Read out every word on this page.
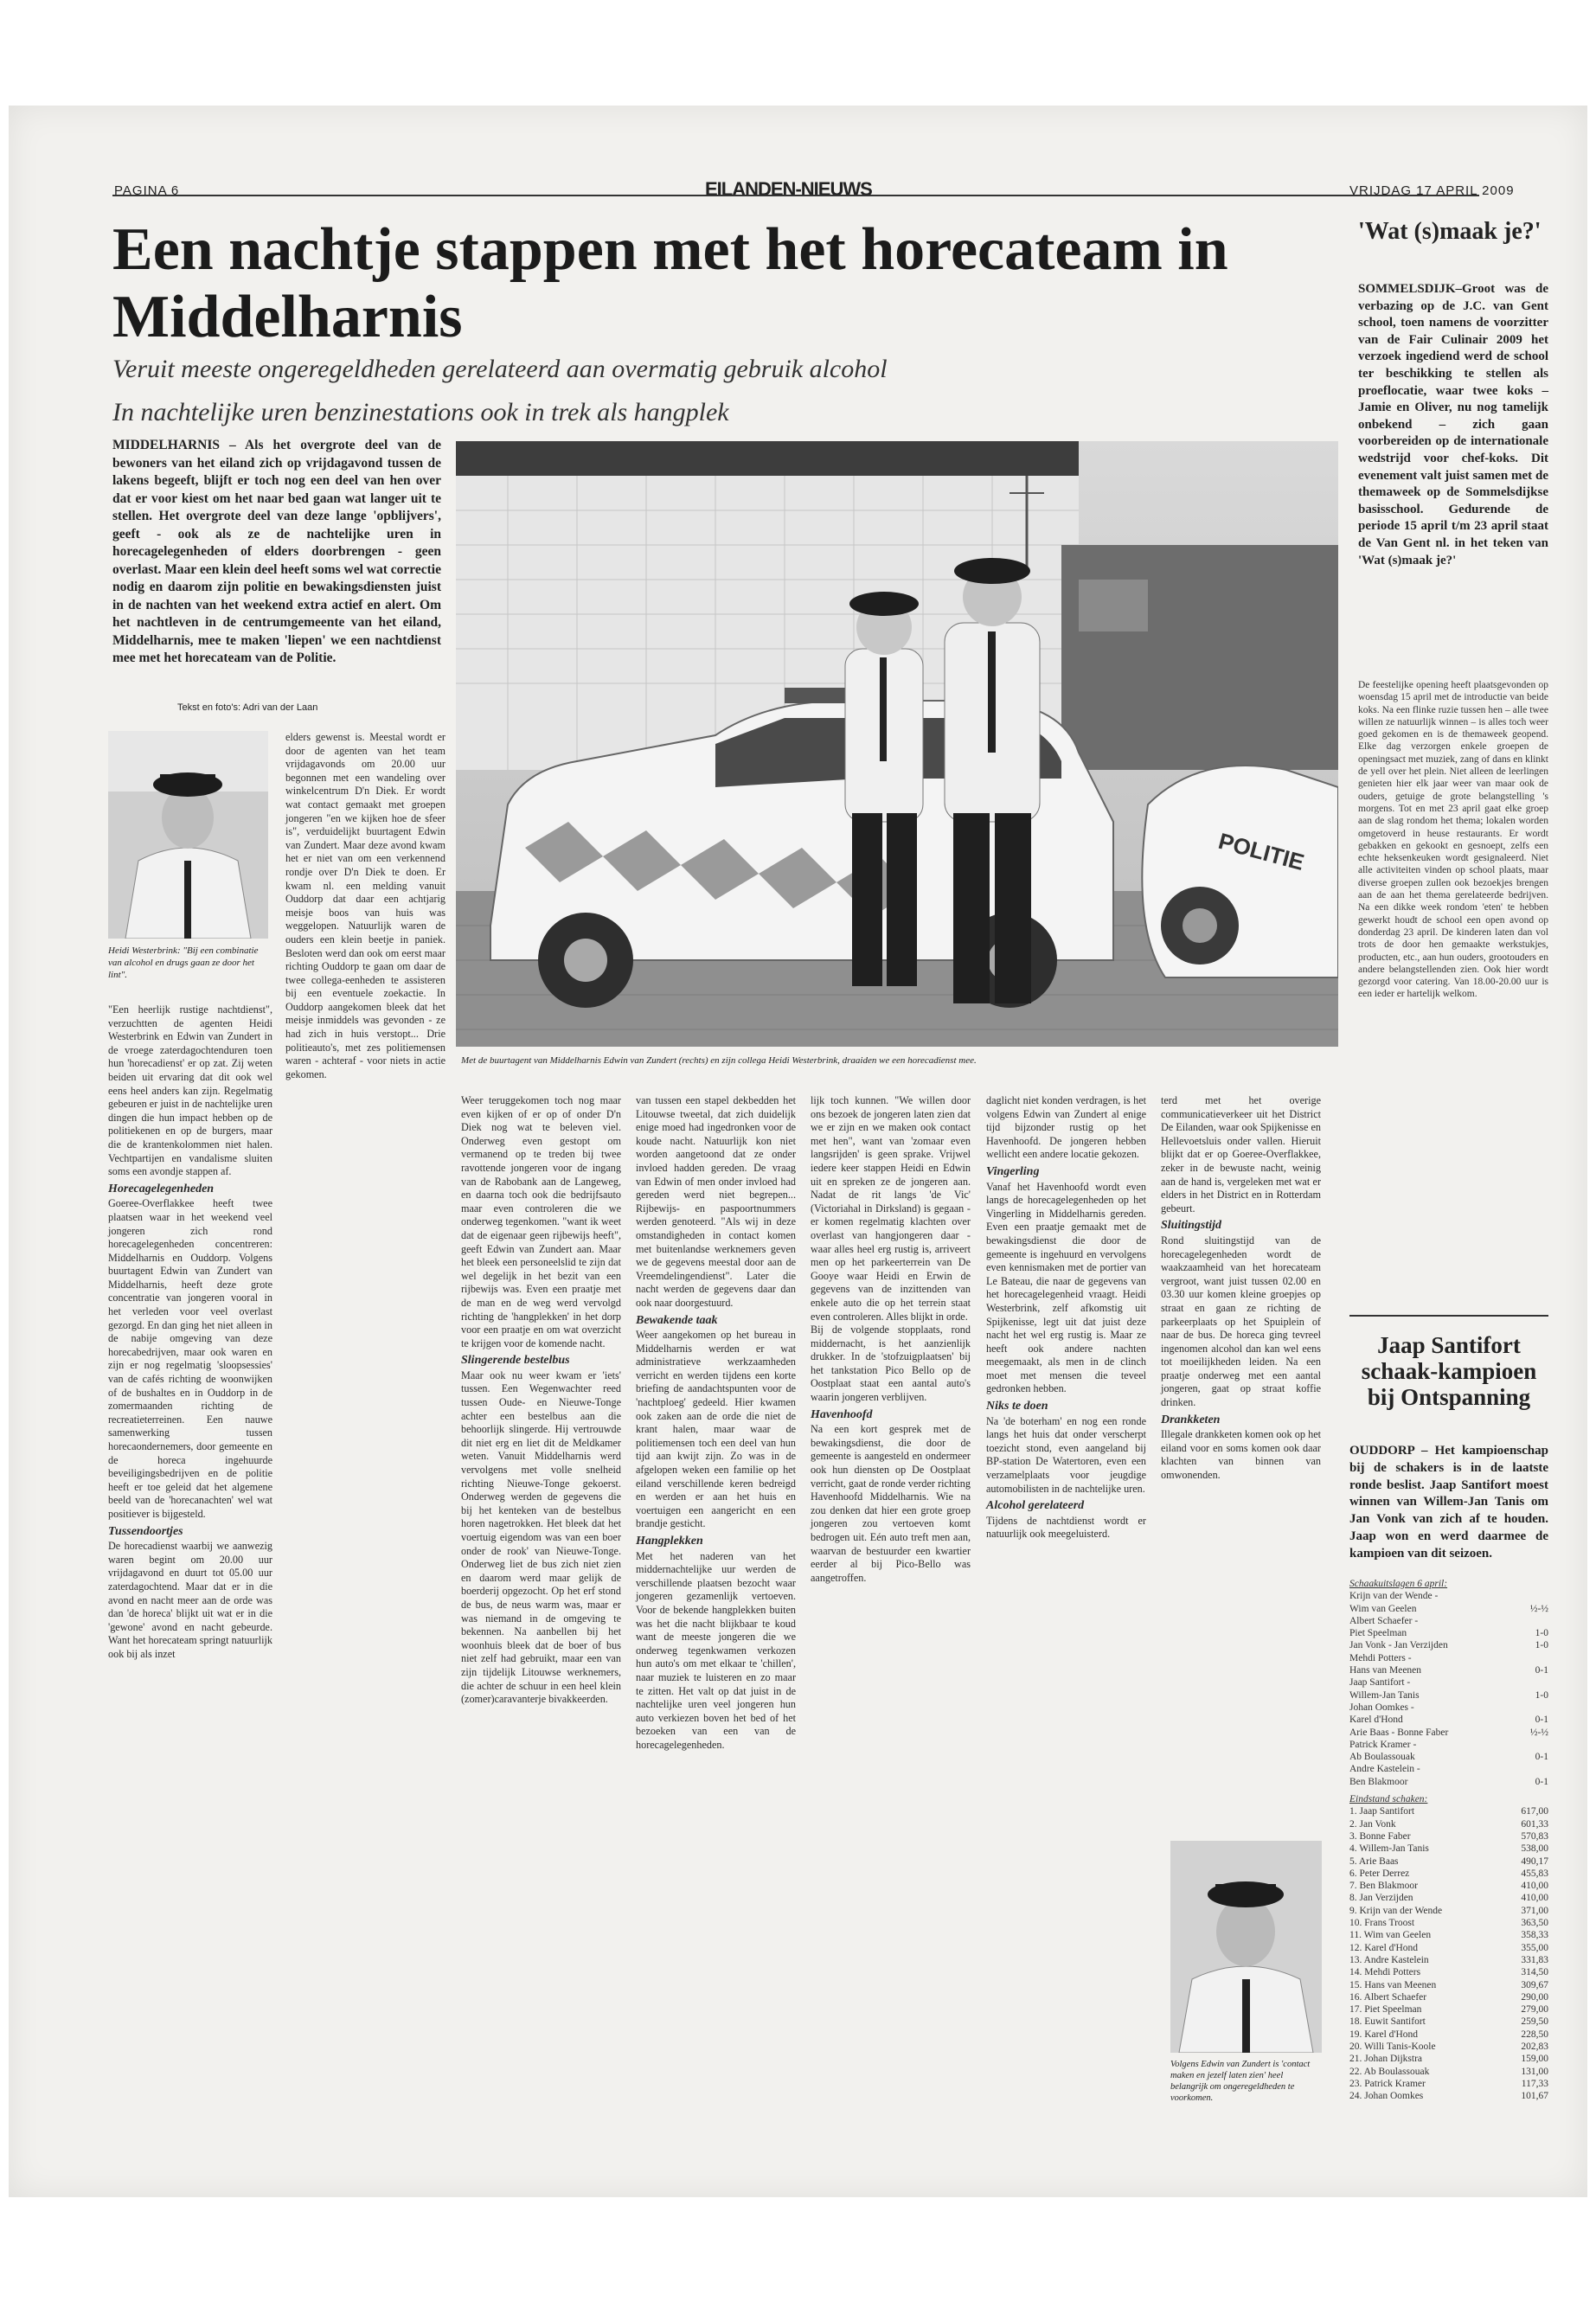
PAGINA 6	EILANDEN-NIEUWS	VRIJDAG 17 APRIL 2009
Een nachtje stappen met het horecateam in Middelharnis
Veruit meeste ongeregeldheden gerelateerd aan overmatig gebruik alcohol
In nachtelijke uren benzinestations ook in trek als hangplek
MIDDELHARNIS – Als het overgrote deel van de bewoners van het eiland zich op vrijdagavond tussen de lakens begeeft, blijft er toch nog een deel van hen over dat er voor kiest om het naar bed gaan wat langer uit te stellen. Het overgrote deel van deze lange 'opblijvers', geeft - ook als ze de nachtelijke uren in horecagelegenheden of elders doorbrengen - geen overlast. Maar een klein deel heeft soms wel wat correctie nodig en daarom zijn politie en bewakingsdiensten juist in de nachten van het weekend extra actief en alert. Om het nachtleven in de centrumgemeente van het eiland, Middelharnis, mee te maken 'liepen' we een nachtdienst mee met het horecateam van de Politie.
Tekst en foto's: Adri van der Laan
POLITIE
Met de buurtagent van Middelharnis Edwin van Zundert (rechts) en zijn collega Heidi Westerbrink, draaiden we een horecadienst mee.
Heidi Westerbrink: "Bij een combinatie van alcohol en drugs gaan ze door het lint".

elders gewenst is. Meestal wordt er door de agenten van het team vrijdagavonds om 20.00 uur begonnen met een wandeling over winkelcentrum D'n Diek. Er wordt wat contact gemaakt met groepen jongeren "en we kijken hoe de sfeer is", verduidelijkt buurtagent Edwin van Zundert. Maar deze avond kwam het er niet van om een verkennend rondje over D'n Diek te doen. Er kwam nl. een melding vanuit Ouddorp dat daar een achtjarig meisje boos van huis was weggelopen. Natuurlijk waren de ouders een klein beetje in paniek. Besloten werd dan ook om eerst maar richting Ouddorp te gaan om daar de twee collega-eenheden te assisteren bij een eventuele zoekactie. In Ouddorp aangekomen bleek dat het meisje inmiddels was gevonden - ze had zich in huis verstopt... Drie politieauto's, met zes politiemensen waren - achteraf - voor niets in actie gekomen.

"Een heerlijk rustige nachtdienst", verzuchtten de agenten Heidi Westerbrink en Edwin van Zundert in de vroege zaterdagochtenduren toen hun 'horecadienst' er op zat. Zij weten beiden uit ervaring dat dit ook wel eens heel anders kan zijn. Regelmatig gebeuren er juist in de nachtelijke uren dingen die hun impact hebben op de politiekenen en op de burgers, maar die de krantenkolommen niet halen. Vechtpartijen en vandalisme sluiten soms een avondje stappen af.

Horecagelegenheden

Goeree-Overflakkee heeft twee plaatsen waar in het weekend veel jongeren zich rond horecagelegenheden concentreren: Middelharnis en Ouddorp. Volgens buurtagent Edwin van Zundert van Middelharnis, heeft deze grote concentratie van jongeren vooral in het verleden voor veel overlast gezorgd. En dan ging het niet alleen in de nabije omgeving van deze horecabedrijven, maar ook waren en zijn er nog regelmatig 'sloopsessies' van de cafés richting de woonwijken of de bushaltes en in Ouddorp in de zomermaanden richting de recreatieterreinen. Een nauwe samenwerking tussen horecaondernemers, door gemeente en de horeca ingehuurde beveiligingsbedrijven en de politie heeft er toe geleid dat het algemene beeld van de 'horecanachten' wel wat positiever is bijgesteld.

Tussendoortjes

De horecadienst waarbij we aanwezig waren begint om 20.00 uur vrijdagavond en duurt tot 05.00 uur zaterdagochtend. Maar dat er in die avond en nacht meer aan de orde was dan 'de horeca' blijkt uit wat er in die 'gewone' avond en nacht gebeurde. Want het horecateam springt natuurlijk ook bij als inzet

Weer teruggekomen toch nog maar even kijken of er op of onder D'n Diek nog wat te beleven viel. Onderweg even gestopt om vermanend op te treden bij twee ravottende jongeren voor de ingang van de Rabobank aan de Langeweg, en daarna toch ook die bedrijfsauto maar even controleren die we onderweg tegenkomen. "want ik weet dat de eigenaar geen rijbewijs heeft", geeft Edwin van Zundert aan. Maar het bleek een personeelslid te zijn dat wel degelijk in het bezit van een rijbewijs was. Even een praatje met de man en de weg werd vervolgd richting de 'hangplekken' in het dorp voor een praatje en om wat overzicht te krijgen voor de komende nacht.

Slingerende bestelbus

Maar ook nu weer kwam er 'iets' tussen. Een Wegenwachter reed tussen Oude- en Nieuwe-Tonge achter een bestelbus aan die behoorlijk slingerde. Hij vertrouwde dit niet erg en liet dit de Meldkamer weten. Vanuit Middelharnis werd vervolgens met volle snelheid richting Nieuwe-Tonge gekoerst. Onderweg werden de gegevens die bij het kenteken van de bestelbus horen nagetrokken. Het bleek dat het voertuig eigendom was van een boer onder de rook' van Nieuwe-Tonge. Onderweg liet de bus zich niet zien en daarom werd maar gelijk de boerderij opgezocht. Op het erf stond de bus, de neus warm was, maar er was niemand in de omgeving te bekennen. Na aanbellen bij het woonhuis bleek dat de boer of bus niet zelf had gebruikt, maar een van zijn tijdelijk Litouwse werknemers, die achter de schuur in een heel klein (zomer)caravanterje bivakkeerden.

van tussen een stapel dekbedden het Litouwse tweetal, dat zich duidelijk enige moed had ingedronken voor de koude nacht. Natuurlijk kon niet worden aangetoond dat ze onder invloed hadden gereden. De vraag van Edwin of men onder invloed had gereden werd niet begrepen... Rijbewijs- en paspoortnummers werden genoteerd. "Als wij in deze omstandigheden in contact komen met buitenlandse werknemers geven we de gegevens meestal door aan de Vreemdelingendienst". Later die nacht werden de gegevens daar dan ook naar doorgestuurd.

Bewakende taak

Weer aangekomen op het bureau in Middelharnis werden er wat administratieve werkzaamheden verricht en werden tijdens een korte briefing de aandachtspunten voor de 'nachtploeg' gedeeld. Hier kwamen ook zaken aan de orde die niet de krant halen, maar waar de politiemensen toch een deel van hun tijd aan kwijt zijn. Zo was in de afgelopen weken een familie op het eiland verschillende keren bedreigd en werden er aan het huis en voertuigen een aangericht en een brandje gesticht.

Hangplekken

Met het naderen van het middernachtelijke uur werden de verschillende plaatsen bezocht waar jongeren gezamenlijk vertoeven. Voor de bekende hangplekken buiten was het die nacht blijkbaar te koud want de meeste jongeren die we onderweg tegenkwamen verkozen hun auto's om met elkaar te 'chillen', naar muziek te luisteren en zo maar te zitten. Het valt op dat juist in de nachtelijke uren veel jongeren hun auto verkiezen boven het bed of het bezoeken van een van de horecagelegenheden.

lijk toch kunnen. "We willen door ons bezoek de jongeren laten zien dat we er zijn en we maken ook contact met hen", want van 'zomaar even langsrijden' is geen sprake. Vrijwel iedere keer stappen Heidi en Edwin uit en spreken ze de jongeren aan. Nadat de rit langs 'de Vic' (Victoriahal in Dirksland) is gegaan - er komen regelmatig klachten over overlast van hangjongeren daar - waar alles heel erg rustig is, arriveert men op het parkeerterrein van De Gooye waar Heidi en Erwin de gegevens van de inzittenden van enkele auto die op het terrein staat even controleren. Alles blijkt in orde.

Bij de volgende stopplaats, rond middernacht, is het aanzienlijk drukker. In de 'stofzuigplaatsen' bij het tankstation Pico Bello op de Oostplaat staat een aantal auto's waarin jongeren verblijven.

Havenhoofd

Na een kort gesprek met de bewakingsdienst, die door de gemeente is aangesteld en ondermeer ook hun diensten op De Oostplaat verricht, gaat de ronde verder richting Havenhoofd Middelharnis. Wie na zou denken dat hier een grote groep jongeren zou vertoeven komt bedrogen uit. Eén auto treft men aan, waarvan de bestuurder een kwartier eerder al bij Pico-Bello was aangetroffen.

daglicht niet konden verdragen, is het volgens Edwin van Zundert al enige tijd bijzonder rustig op het Havenhoofd. De jongeren hebben wellicht een andere locatie gekozen.

Vingerling

Vanaf het Havenhoofd wordt even langs de horecagelegenheden op het Vingerling in Middelharnis gereden. Even een praatje gemaakt met de bewakingsdienst die door de gemeente is ingehuurd en vervolgens even kennismaken met de portier van Le Bateau, die naar de gegevens van het horecagelegenheid vraagt. Heidi Westerbrink, zelf afkomstig uit Spijkenisse, legt uit dat juist deze nacht het wel erg rustig is. Maar ze heeft ook andere nachten meegemaakt, als men in de clinch moet met mensen die teveel gedronken hebben.

Niks te doen

Na 'de boterham' en nog een ronde langs het huis dat onder verscherpt toezicht stond, even aangeland bij BP-station De Watertoren, even een verzamelplaats voor jeugdige automobilisten in de nachtelijke uren.

Alcohol gerelateerd

Tijdens de nachtdienst wordt er natuurlijk ook meegeluisterd.

terd met het overige communicatieverkeer uit het District De Eilanden, waar ook Spijkenisse en Hellevoetsluis onder vallen. Hieruit blijkt dat er op Goeree-Overflakkee, zeker in de bewuste nacht, weinig aan de hand is, vergeleken met wat er elders in het District en in Rotterdam gebeurt.

Sluitingstijd

Rond sluitingstijd van de horecagelegenheden wordt de waakzaamheid van het horecateam vergroot, want juist tussen 02.00 en 03.30 uur komen kleine groepjes op straat en gaan ze richting de parkeerplaats op het Spuiplein of naar de bus. De horeca ging tevreel ingenomen alcohol dan kan wel eens tot moeilijkheden leiden. Na een praatje onderweg met een aantal jongeren, gaat op straat koffie drinken.

Drankketen

Illegale drankketen komen ook op het eiland voor en soms komen ook daar klachten van binnen van omwonenden.

Volgens Edwin van Zundert is 'contact maken en jezelf laten zien' heel belangrijk om ongeregeldheden te voorkomen.
'Wat (s)maak je?'
SOMMELSDIJK–Groot was de verbazing op de J.C. van Gent school, toen namens de voorzitter van de Fair Culinair 2009 het verzoek ingediend werd de school ter beschikking te stellen als proeflocatie, waar twee koks – Jamie en Oliver, nu nog tamelijk onbekend – zich gaan voorbereiden op de internationale wedstrijd voor chef-koks. Dit evenement valt juist samen met de themaweek op de Sommelsdijkse basisschool. Gedurende de periode 15 april t/m 23 april staat de Van Gent nl. in het teken van 'Wat (s)maak je?'
De feestelijke opening heeft plaatsgevonden op woensdag 15 april met de introductie van beide koks. Na een flinke ruzie tussen hen – alle twee willen ze natuurlijk winnen – is alles toch weer goed gekomen en is de themaweek geopend. Elke dag verzorgen enkele groepen de openingsact met muziek, zang of dans en klinkt de yell over het plein. Niet alleen de leerlingen genieten hier elk jaar weer van maar ook de ouders, getuige de grote belangstelling 's morgens. Tot en met 23 april gaat elke groep aan de slag rondom het thema; lokalen worden omgetoverd in heuse restaurants. Er wordt gebakken en gekookt en gesnoept, zelfs een echte heksenkeuken wordt gesignaleerd. Niet alle activiteiten vinden op school plaats, maar diverse groepen zullen ook bezoekjes brengen aan de aan het thema gerelateerde bedrijven. Na een dikke week rondom 'eten' te hebben gewerkt houdt de school een open avond op donderdag 23 april. De kinderen laten dan vol trots de door hen gemaakte werkstukjes, producten, etc., aan hun ouders, grootouders en andere belangstellenden zien. Ook hier wordt gezorgd voor catering. Van 18.00-20.00 uur is een ieder er hartelijk welkom.
Jaap Santifort schaak-kampioen bij Ontspanning
OUDDORP – Het kampioenschap bij de schakers is in de laatste ronde beslist. Jaap Santifort moest winnen van Willem-Jan Tanis om Jan Vonk van zich af te houden. Jaap won en werd daarmee de kampioen van dit seizoen.
Schaakuitslagen 6 april:
Krijn van der Wende -
Wim van Geelen	½-½
Albert Schaefer -
Piet Speelman	1-0
Jan Vonk - Jan Verzijden	1-0
Mehdi Potters -
Hans van Meenen	0-1
Jaap Santifort -
Willem-Jan Tanis	1-0
Johan Oomkes -
Karel d'Hond	0-1
Arie Baas - Bonne Faber	½-½
Patrick Kramer -
Ab Boulassouak	0-1
Andre Kastelein -
Ben Blakmoor	0-1
Eindstand schaken:
1. Jaap Santifort	617,00
2. Jan Vonk	601,33
3. Bonne Faber	570,83
4. Willem-Jan Tanis	538,00
5. Arie Baas	490,17
6. Peter Derrez	455,83
7. Ben Blakmoor	410,00
8. Jan Verzijden	410,00
9. Krijn van der Wende	371,00
10. Frans Troost	363,50
11. Wim van Geelen	358,33
12. Karel d'Hond	355,00
13. Andre Kastelein	331,83
14. Mehdi Potters	314,50
15. Hans van Meenen	309,67
16. Albert Schaefer	290,00
17. Piet Speelman	279,00
18. Euwit Santifort	259,50
19. Karel d'Hond	228,50
20. Willi Tanis-Koole	202,83
21. Johan Dijkstra	159,00
22. Ab Boulassouak	131,00
23. Patrick Kramer	117,33
24. Johan Oomkes	101,67
